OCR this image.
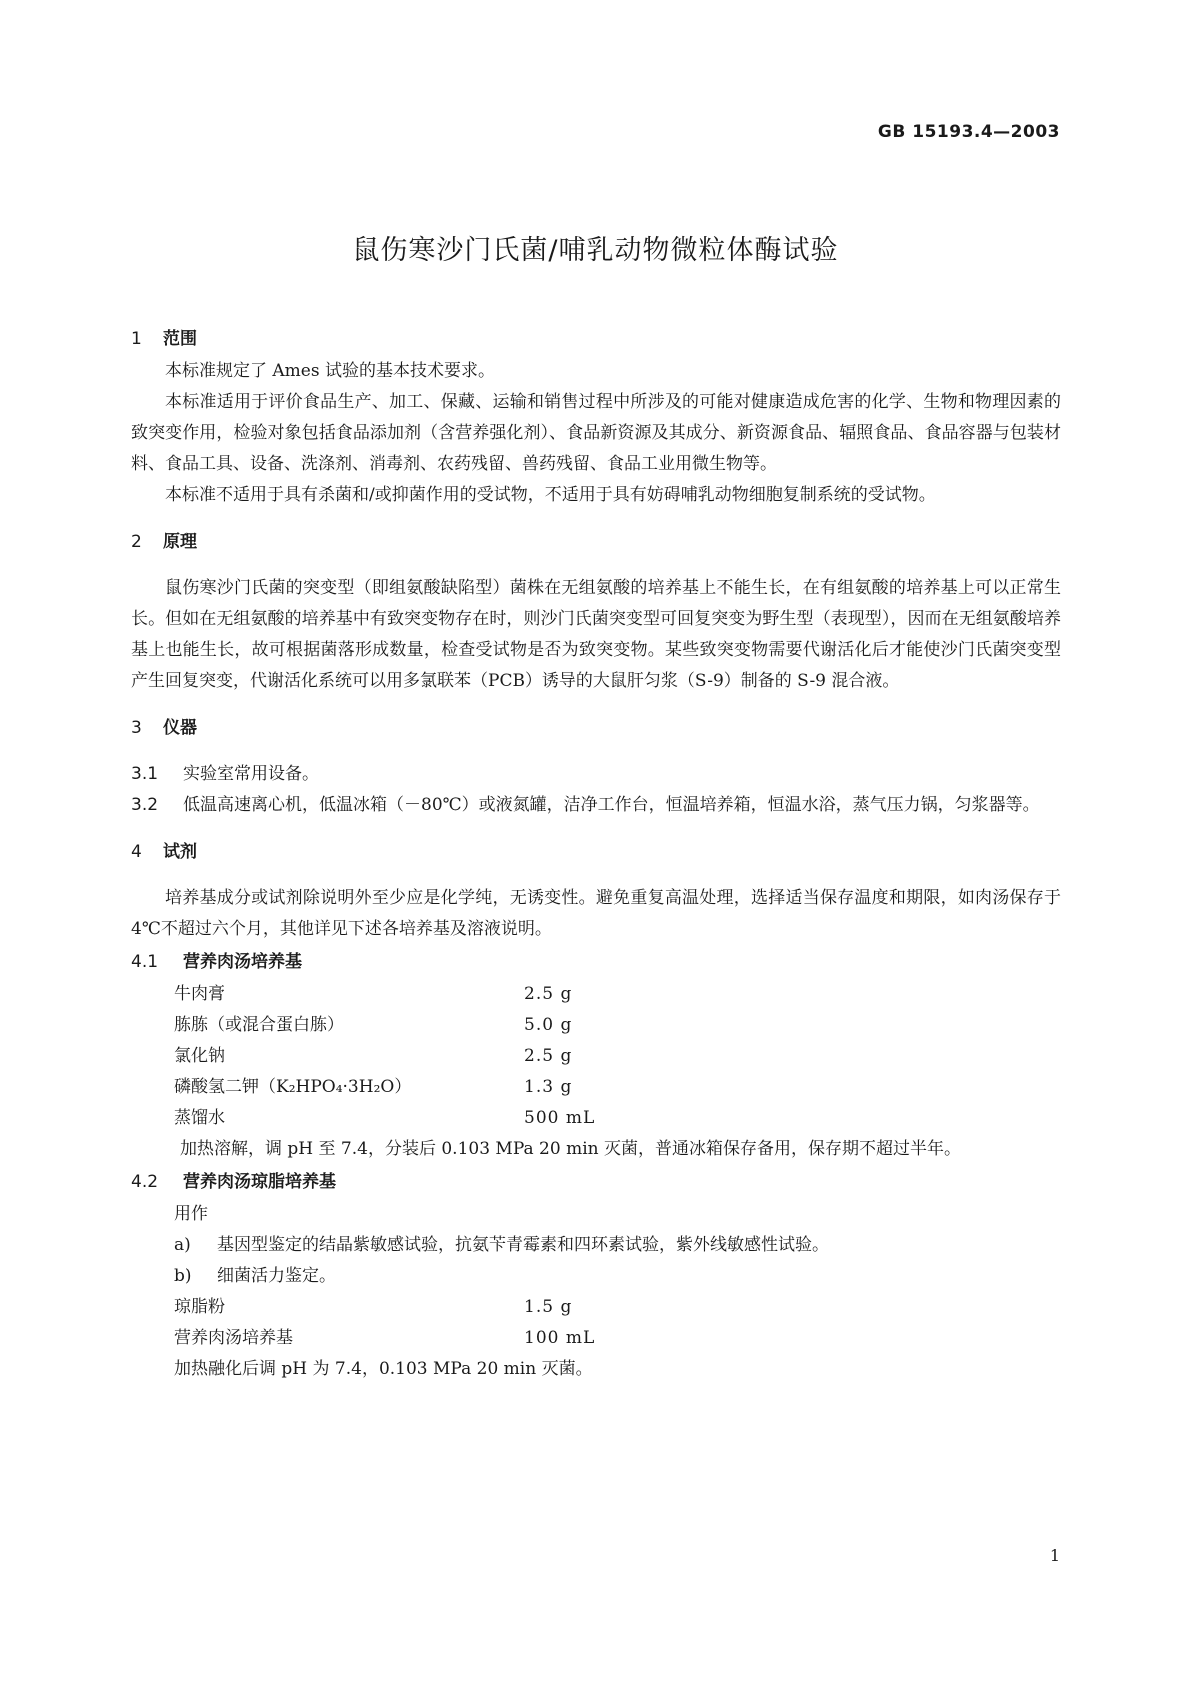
GB 15193.4—2003
鼠伤寒沙门氏菌/哺乳动物微粒体酶试验
1 范围

本标准规定了 Ames 试验的基本技术要求。

本标准适用于评价食品生产、加工、保藏、运输和销售过程中所涉及的可能对健康造成危害的化学、生物和物理因素的致突变作用，检验对象包括食品添加剂（含营养强化剂）、食品新资源及其成分、新资源食品、辐照食品、食品容器与包装材料、食品工具、设备、洗涤剂、消毒剂、农药残留、兽药残留、食品工业用微生物等。

本标准不适用于具有杀菌和/或抑菌作用的受试物，不适用于具有妨碍哺乳动物细胞复制系统的受试物。

2 原理

鼠伤寒沙门氏菌的突变型（即组氨酸缺陷型）菌株在无组氨酸的培养基上不能生长，在有组氨酸的培养基上可以正常生长。但如在无组氨酸的培养基中有致突变物存在时，则沙门氏菌突变型可回复突变为野生型（表现型），因而在无组氨酸培养基上也能生长，故可根据菌落形成数量，检查受试物是否为致突变物。某些致突变物需要代谢活化后才能使沙门氏菌突变型产生回复突变，代谢活化系统可以用多氯联苯（PCB）诱导的大鼠肝匀浆（S-9）制备的 S-9 混合液。

3 仪器

3.1 实验室常用设备。

3.2 低温高速离心机，低温冰箱（－80℃）或液氮罐，洁净工作台，恒温培养箱，恒温水浴，蒸气压力锅，匀浆器等。

4 试剂

培养基成分或试剂除说明外至少应是化学纯，无诱变性。避免重复高温处理，选择适当保存温度和期限，如肉汤保存于 4℃不超过六个月，其他详见下述各培养基及溶液说明。

4.1 营养肉汤培养基
牛肉膏	2.5 g
胨胨（或混合蛋白胨）	5.0 g
氯化钠	2.5 g
磷酸氢二钾（K₂HPO₄·3H₂O）	1.3 g
蒸馏水	500 mL
加热溶解，调 pH 至 7.4，分装后 0.103 MPa 20 min 灭菌，普通冰箱保存备用，保存期不超过半年。
4.2 营养肉汤琼脂培养基
用作
a) 基因型鉴定的结晶紫敏感试验，抗氨苄青霉素和四环素试验，紫外线敏感性试验。
b) 细菌活力鉴定。
琼脂粉	1.5 g
营养肉汤培养基	100 mL
加热融化后调 pH 为 7.4，0.103 MPa 20 min 灭菌。
1
